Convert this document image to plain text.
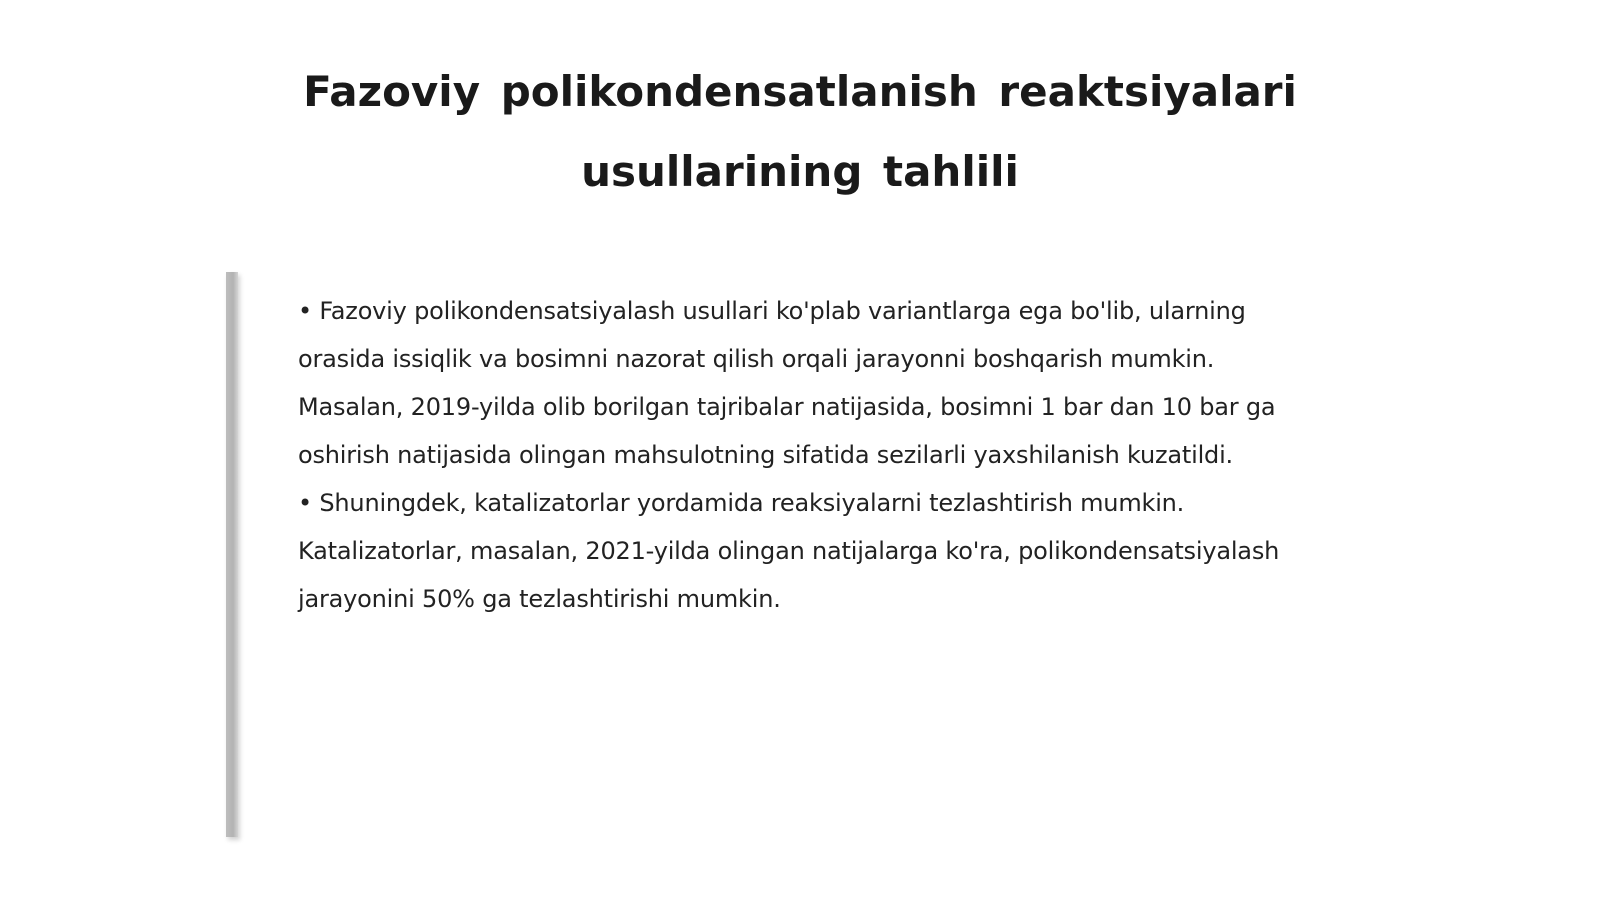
Fazoviy polikondensatlanish reaktsiyalari
usullarining tahlili

• Fazoviy polikondensatsiyalash usullari ko'plab variantlarga ega bo'lib, ularning orasida issiqlik va bosimni nazorat qilish orqali jarayonni boshqarish mumkin. Masalan, 2019-yilda olib borilgan tajribalar natijasida, bosimni 1 bar dan 10 bar ga oshirish natijasida olingan mahsulotning sifatida sezilarli yaxshilanish kuzatildi.

• Shuningdek, katalizatorlar yordamida reaksiyalarni tezlashtirish mumkin. Katalizatorlar, masalan, 2021-yilda olingan natijalarga ko'ra, polikondensatsiyalash jarayonini 50% ga tezlashtirishi mumkin.
